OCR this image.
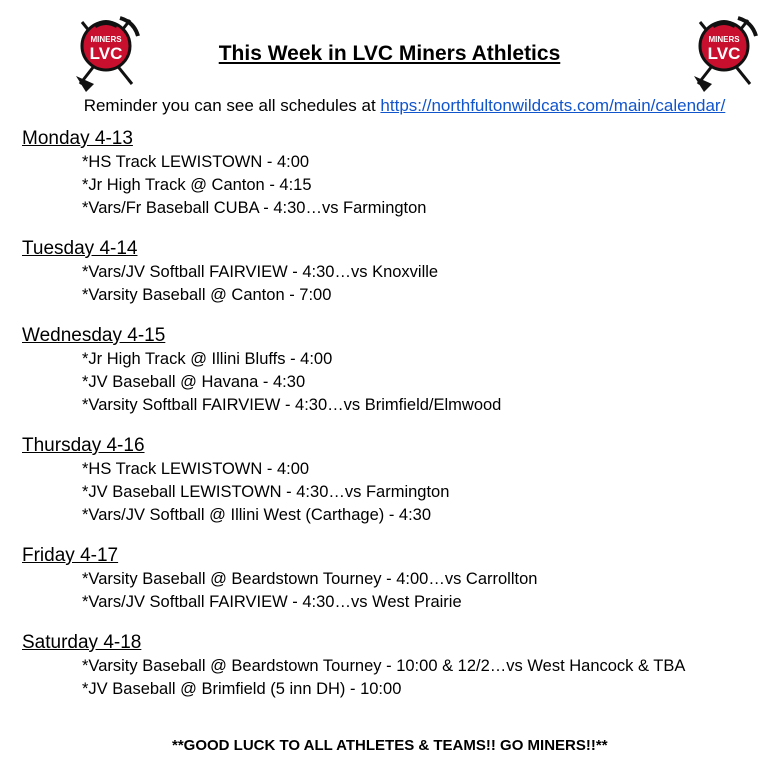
MINERS
LVC
MINERS
LVC
This Week in LVC Miners Athletics
Reminder you can see all schedules at https://northfultonwildcats.com/main/calendar/
Monday 4-13
*HS Track LEWISTOWN - 4:00
*Jr High Track @ Canton - 4:15
*Vars/Fr Baseball CUBA - 4:30…vs Farmington
Tuesday 4-14
*Vars/JV Softball FAIRVIEW - 4:30…vs Knoxville
*Varsity Baseball @ Canton - 7:00
Wednesday 4-15
*Jr High Track @ Illini Bluffs - 4:00
*JV Baseball @ Havana - 4:30
*Varsity Softball FAIRVIEW - 4:30…vs Brimfield/Elmwood
Thursday 4-16
*HS Track LEWISTOWN - 4:00
*JV Baseball LEWISTOWN - 4:30…vs Farmington
*Vars/JV Softball @ Illini West (Carthage) - 4:30
Friday 4-17
*Varsity Baseball @ Beardstown Tourney - 4:00…vs Carrollton
*Vars/JV Softball FAIRVIEW - 4:30…vs West Prairie
Saturday 4-18
*Varsity Baseball @ Beardstown Tourney - 10:00 & 12/2…vs West Hancock & TBA
*JV Baseball @ Brimfield (5 inn DH) - 10:00
**GOOD LUCK TO ALL ATHLETES & TEAMS!! GO MINERS!!**
